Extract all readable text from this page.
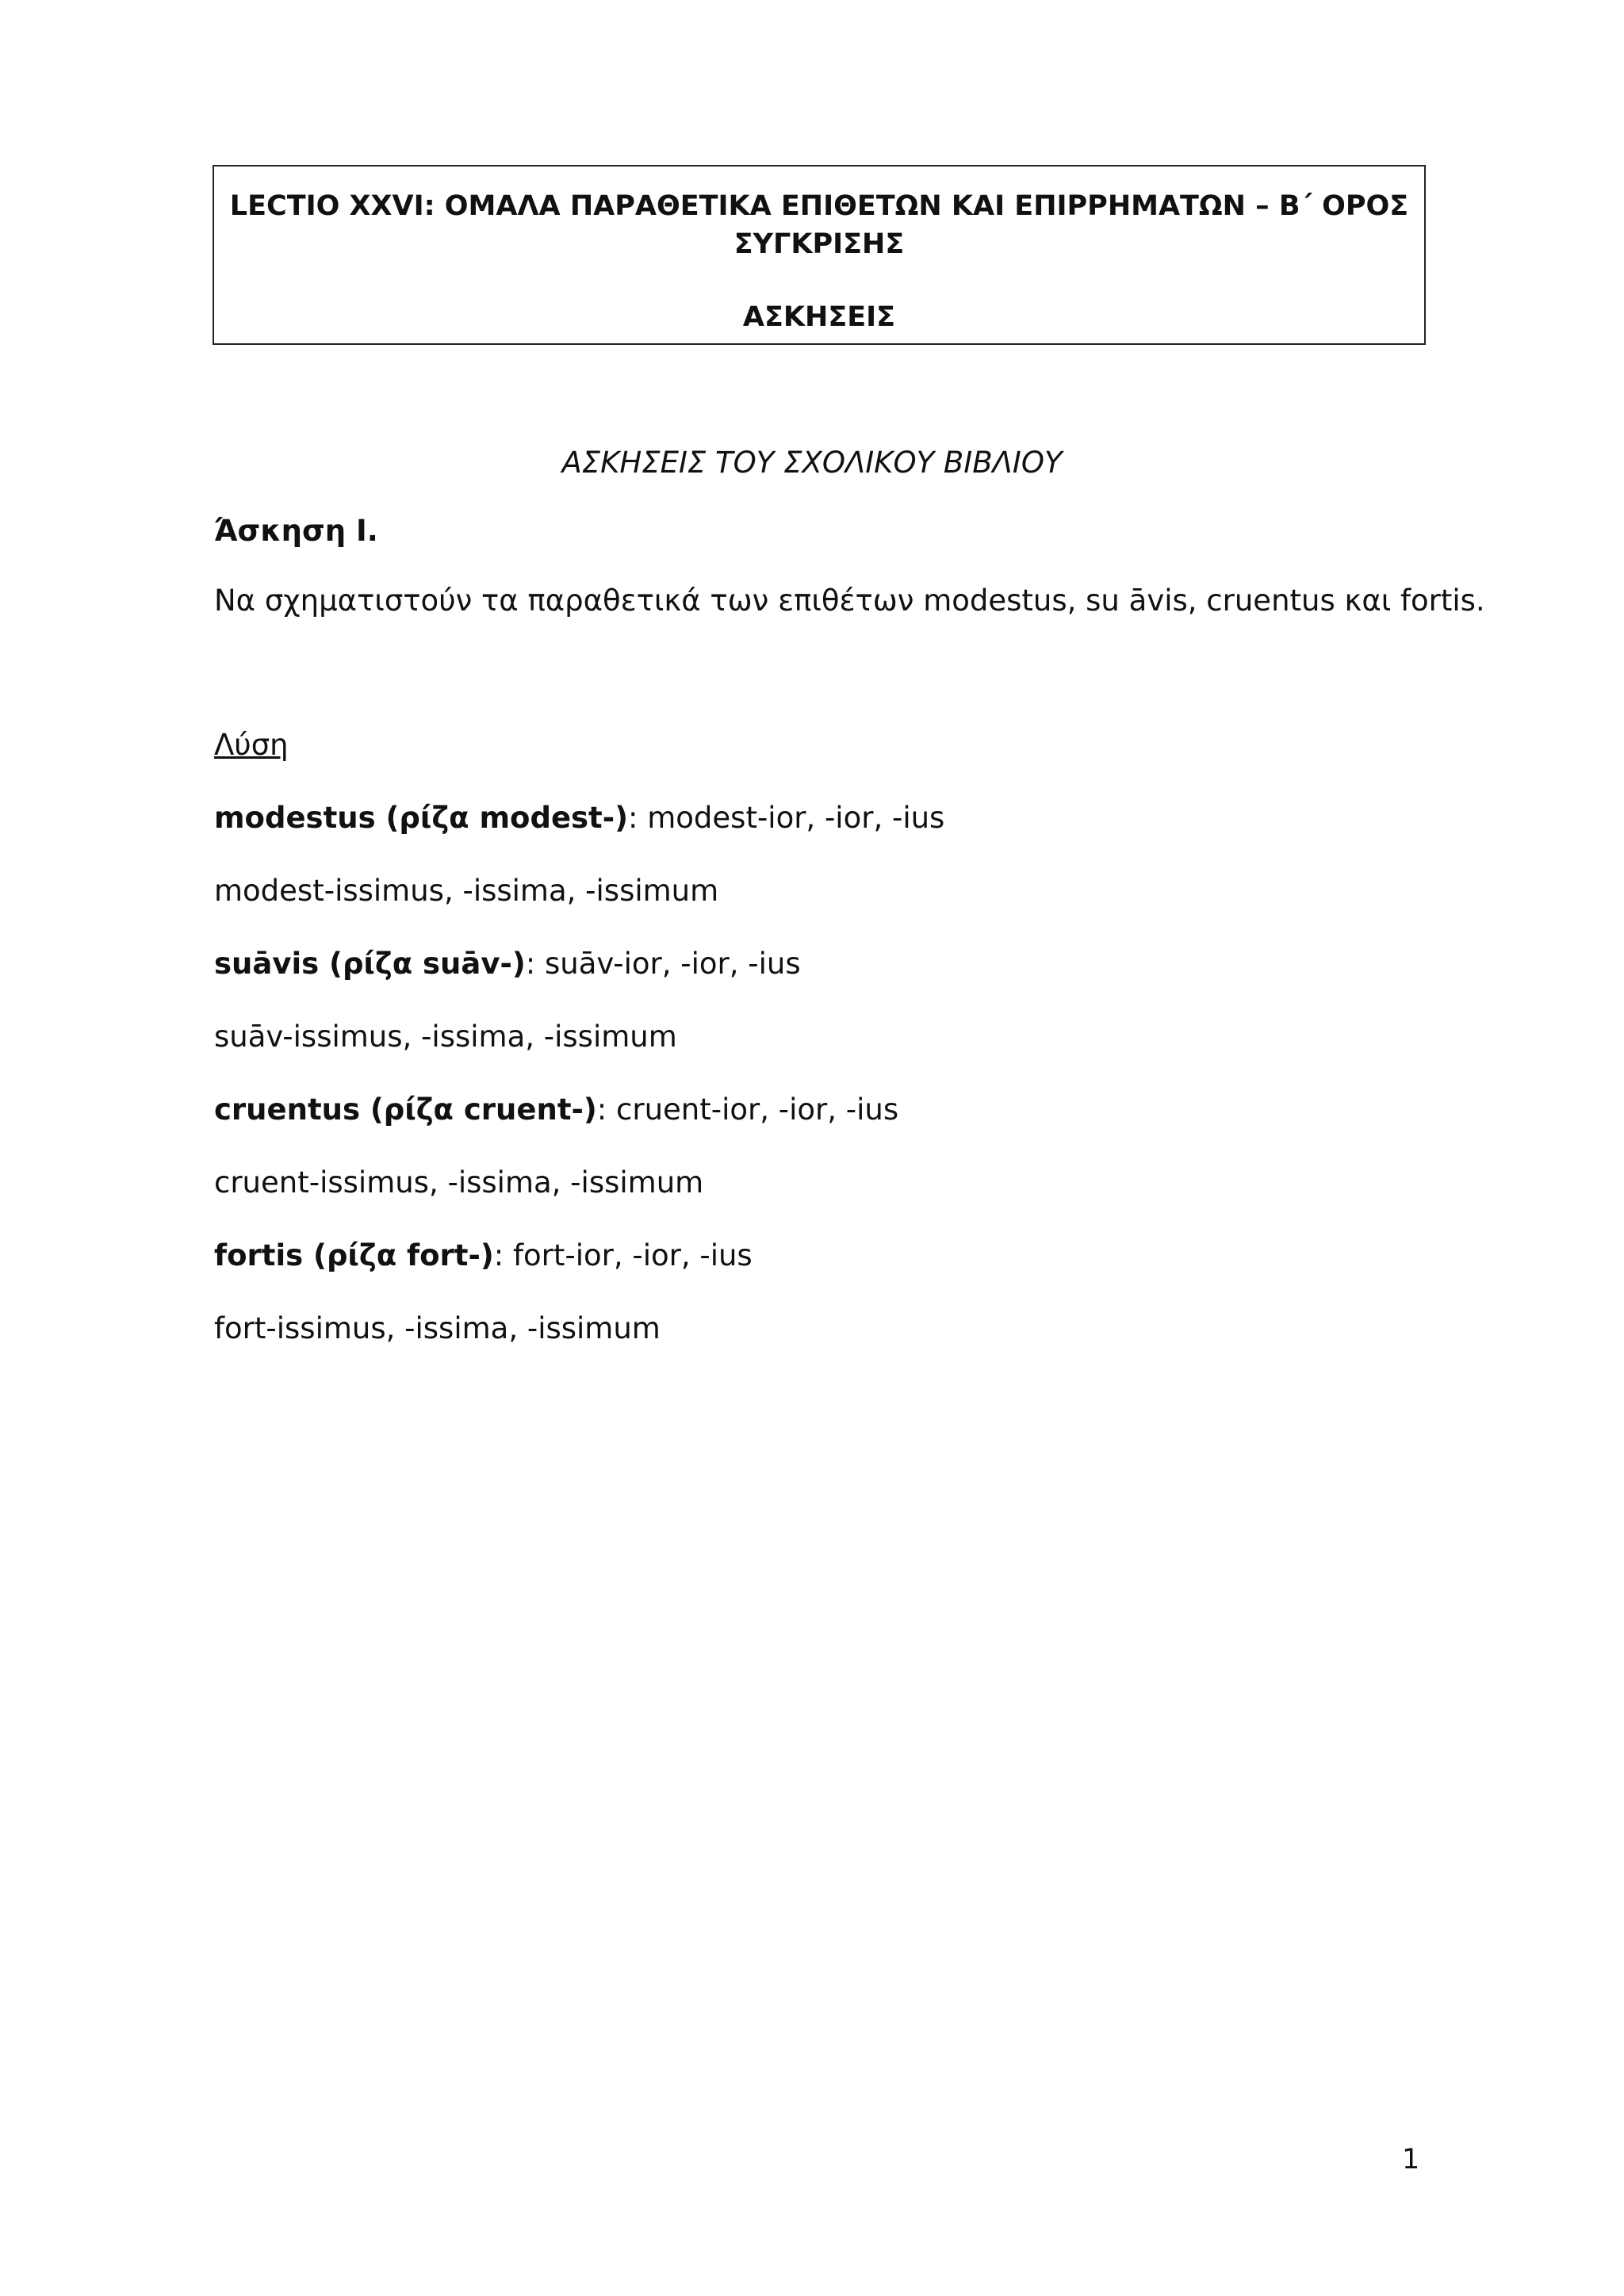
LECTIO XXVI: ΟΜΑΛΑ ΠΑΡΑΘΕΤΙΚΑ ΕΠΙΘΕΤΩΝ ΚΑΙ ΕΠΙΡΡΗΜΑΤΩΝ – Β΄ ΟΡΟΣ
ΣΥΓΚΡΙΣΗΣ
ΑΣΚΗΣΕΙΣ
ΑΣΚΗΣΕΙΣ ΤΟΥ ΣΧΟΛΙΚΟΥ ΒΙΒΛΙΟΥ
Άσκηση Ι.
Να σχηματιστούν τα παραθετικά των επιθέτων modestus, su āvis, cruentus και fortis.
Λύση
modestus (ρίζα modest-): modest-ior, -ior, -ius
modest-issimus, -issima, -issimum
suāvis (ρίζα suāv-): suāv-ior, -ior, -ius
suāv-issimus, -issima, -issimum
cruentus (ρίζα cruent-): cruent-ior, -ior, -ius
cruent-issimus, -issima, -issimum
fortis (ρίζα fort-): fort-ior, -ior, -ius
fort-issimus, -issima, -issimum
1
